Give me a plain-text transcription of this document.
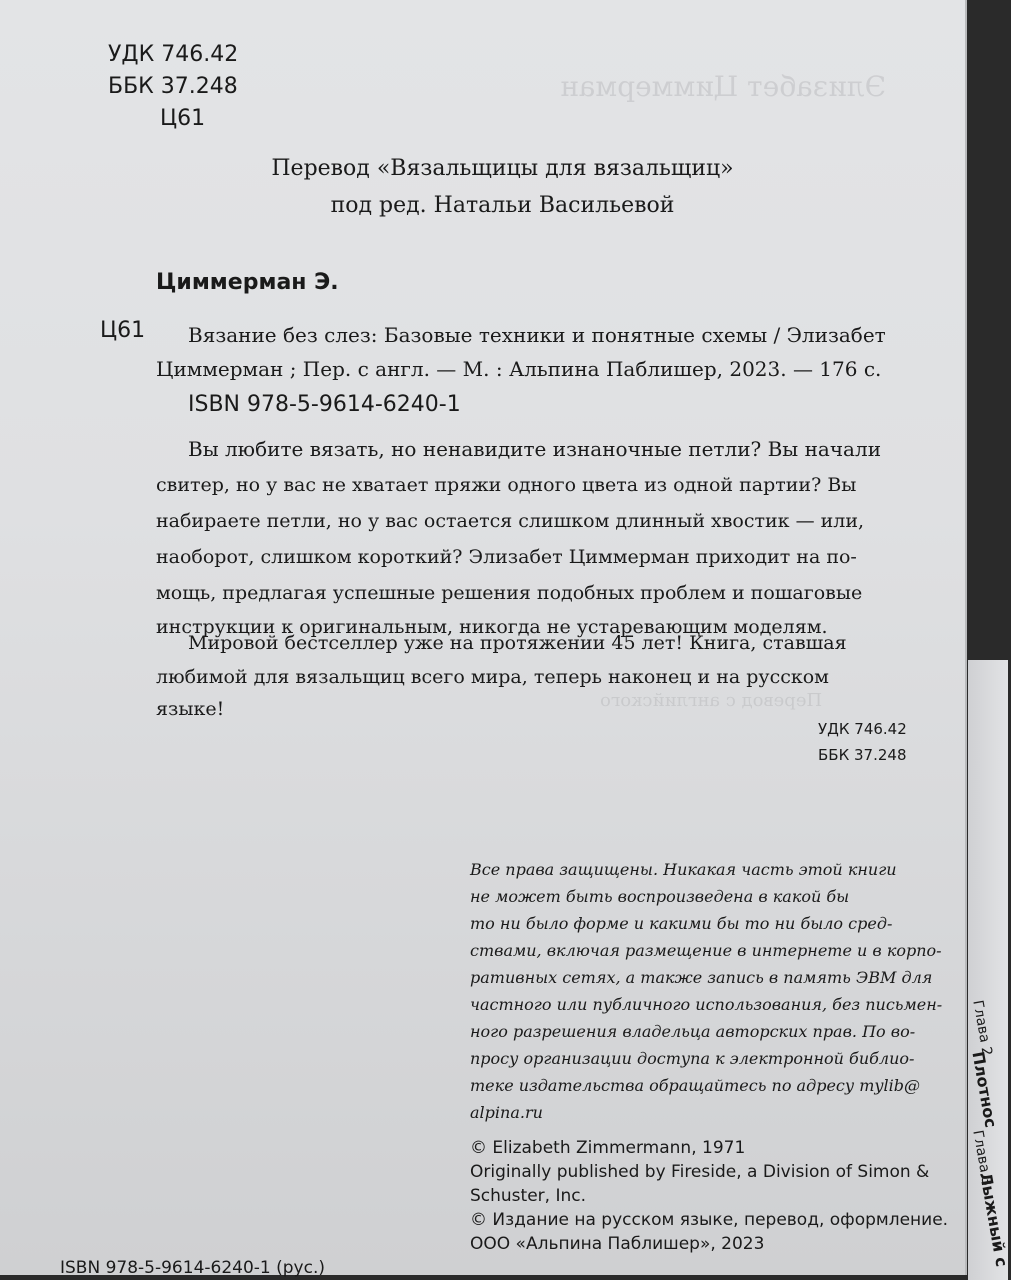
Элизабет Циммерман
Перевод с английского
УДК 746.42
ББК 37.248
Ц61
Перевод «Вязальщицы для вязальщиц»
под ред. Натальи Васильевой
Циммерман Э.
Ц61 Вязание без слез: Базовые техники и понятные схемы / Элизабет
Циммерман ; Пер. с англ. — М. : Альпина Паблишер, 2023. — 176 с.
ISBN 978-5-9614-6240-1
Вы любите вязать, но ненавидите изнаночные петли? Вы начали
свитер, но у вас не хватает пряжи одного цвета из одной партии? Вы
набираете петли, но у вас остается слишком длинный хвостик — или,
наоборот, слишком короткий? Элизабет Циммерман приходит на по-
мощь, предлагая успешные решения подобных проблем и пошаговые
инструкции к оригинальным, никогда не устаревающим моделям.
Мировой бестселлер уже на протяжении 45 лет! Книга, ставшая
любимой для вязальщиц всего мира, теперь наконец и на русском
языке!
УДК 746.42
ББК 37.248
Все права защищены. Никакая часть этой книги
не может быть воспроизведена в какой бы
то ни было форме и какими бы то ни было сред-
ствами, включая размещение в интернете и в корпо-
ративных сетях, а также запись в память ЭВМ для
частного или публичного использования, без письмен-
ного разрешения владельца авторских прав. По во-
просу организации доступа к электронной библио-
теке издательства обращайтесь по адресу mylib@
alpina.ru
© Elizabeth Zimmermann, 1971
Originally published by Fireside, a Division of Simon &
Schuster, Inc.
© Издание на русском языке, перевод, оформление.
ООО «Альпина Паблишер», 2023
ISBN 978-5-9614-6240-1 (рус.)
Глава 2
Плотнос
Глава 3
Лыжный с
